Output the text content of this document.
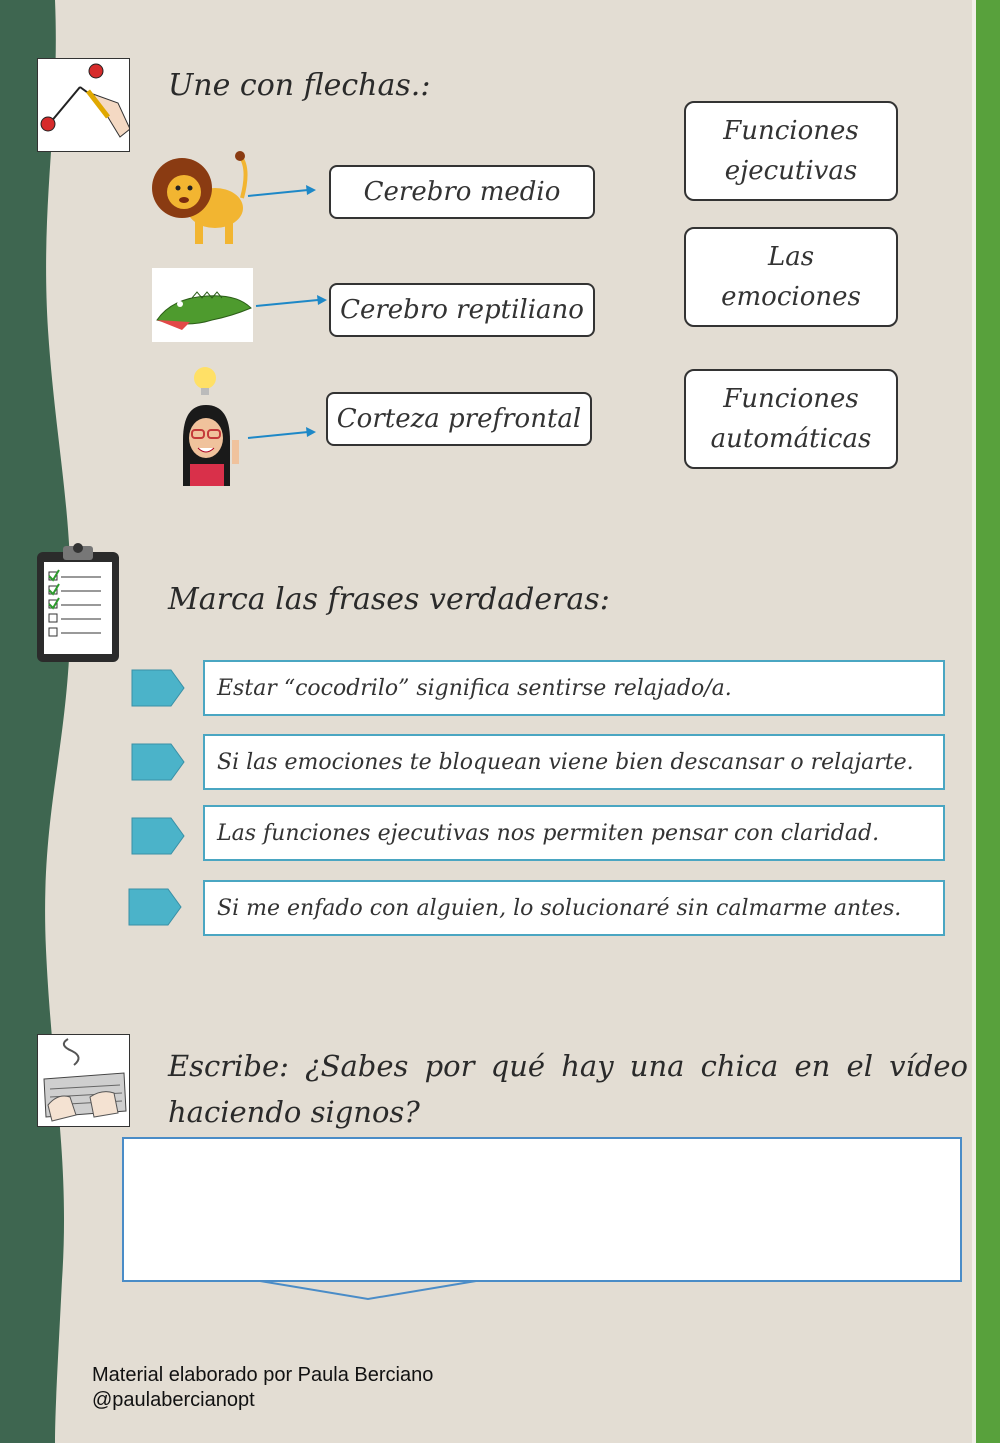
Une con flechas.:
Cerebro medio
Cerebro reptiliano
Corteza prefrontal
Funciones
ejecutivas
Las
emociones
Funciones
automáticas
Marca las frases verdaderas:
Estar “cocodrilo” significa sentirse relajado/a.
Si las emociones te bloquean viene bien descansar o relajarte.
Las funciones ejecutivas nos permiten pensar con claridad.
Si me enfado con alguien, lo solucionaré sin calmarme antes.
Escribe: ¿Sabes por qué hay una chica en el vídeo
haciendo signos?
Material elaborado por Paula Berciano
@paulabercianopt
